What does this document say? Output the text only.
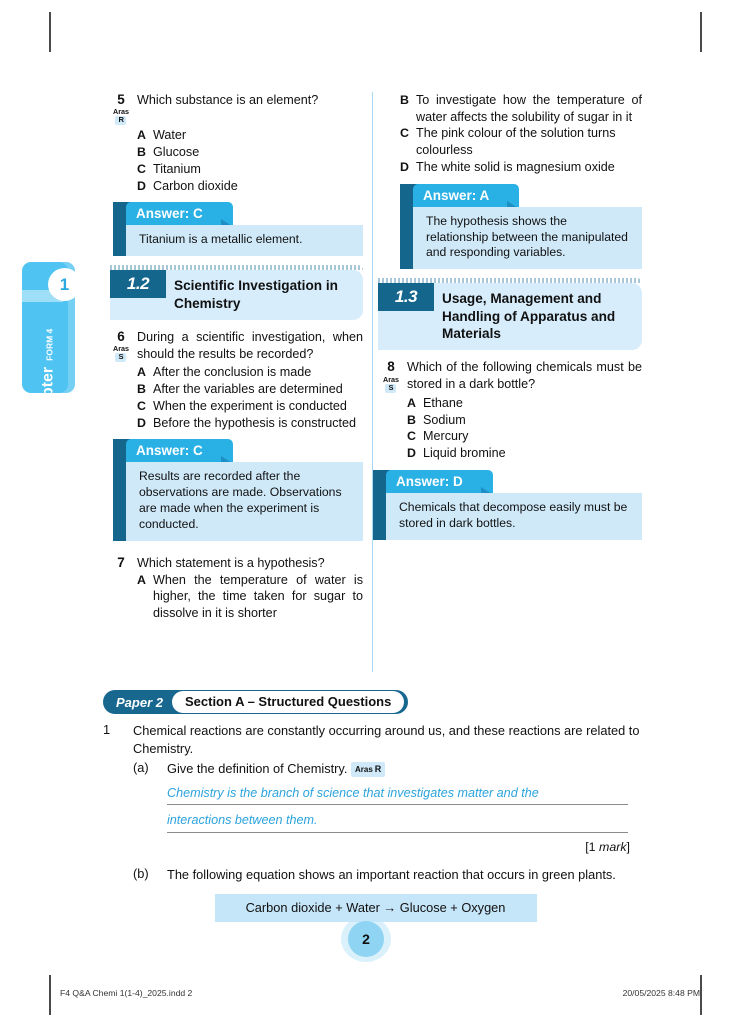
Chapter
FORM 4
1
5
Aras
R
Which substance is an element?
A Water
B Glucose
C Titanium
D Carbon dioxide
Answer: C
Titanium is a metallic element.
1.2	Scientific Investigation in Chemistry
6
Aras
S
During a scientific investigation, when should the results be recorded?
A After the conclusion is made
B After the variables are determined
C When the experiment is conducted
D Before the hypothesis is constructed
Answer: C
Results are recorded after the observations are made. Observations are made when the experiment is conducted.
7 Which statement is a hypothesis?
A When the temperature of water is higher, the time taken for sugar to dissolve in it is shorter
B To investigate how the temperature of water affects the solubility of sugar in it
C The pink colour of the solution turns colourless
D The white solid is magnesium oxide
Answer: A
The hypothesis shows the relationship between the manipulated and responding variables.
1.3	Usage, Management and Handling of Apparatus and Materials
8
Aras
S
Which of the following chemicals must be stored in a dark bottle?
A Ethane
B Sodium
C Mercury
D Liquid bromine
Answer: D
Chemicals that decompose easily must be stored in dark bottles.
Paper 2	Section A – Structured Questions
1	Chemical reactions are constantly occurring around us, and these reactions are related to Chemistry.
(a)	Give the definition of Chemistry. Aras R
Chemistry is the branch of science that investigates matter and the
interactions between them.
[1 mark]
(b)	The following equation shows an important reaction that occurs in green plants.
Carbon dioxide + Water → Glucose + Oxygen
2
F4 Q&A Chemi 1(1-4)_2025.indd 2	20/05/2025 8:48 PM
